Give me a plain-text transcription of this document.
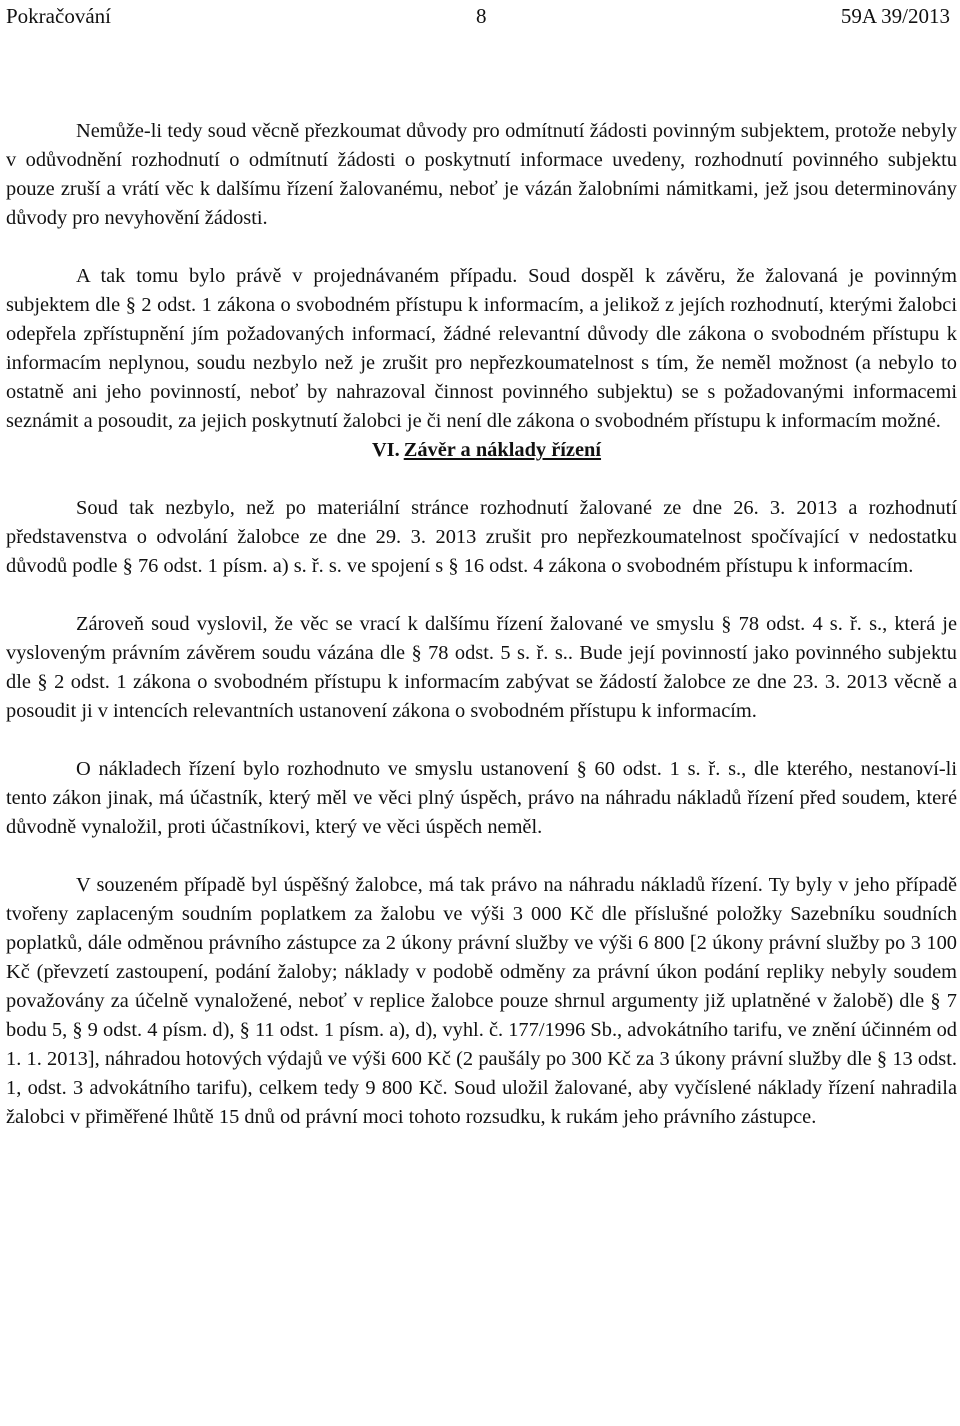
Pokračování	8	59A 39/2013

Nemůže-li tedy soud věcně přezkoumat důvody pro odmítnutí žádosti povinným subjektem, protože nebyly v odůvodnění rozhodnutí o odmítnutí žádosti o poskytnutí informace uvedeny, rozhodnutí povinného subjektu pouze zruší a vrátí věc k dalšímu řízení žalovanému, neboť je vázán žalobními námitkami, jež jsou determinovány důvody pro nevyhovění žádosti.

A tak tomu bylo právě v projednávaném případu. Soud dospěl k závěru, že žalovaná je povinným subjektem dle § 2 odst. 1 zákona o svobodném přístupu k informacím, a jelikož z jejích rozhodnutí, kterými žalobci odepřela zpřístupnění jím požadovaných informací, žádné relevantní důvody dle zákona o svobodném přístupu k informacím neplynou, soudu nezbylo než je zrušit pro nepřezkoumatelnost s tím, že neměl možnost (a nebylo to ostatně ani jeho povinností, neboť by nahrazoval činnost povinného subjektu) se s požadovanými informacemi seznámit a posoudit, za jejich poskytnutí žalobci je či není dle zákona o svobodném přístupu k informacím možné.

VI. Závěr a náklady řízení

Soud tak nezbylo, než po materiální stránce rozhodnutí žalované ze dne 26. 3. 2013 a rozhodnutí představenstva o odvolání žalobce ze dne 29. 3. 2013 zrušit pro nepřezkoumatelnost spočívající v nedostatku důvodů podle § 76 odst. 1 písm. a) s. ř. s. ve spojení s § 16 odst. 4 zákona o svobodném přístupu k informacím.

Zároveň soud vyslovil, že věc se vrací k dalšímu řízení žalované ve smyslu § 78 odst. 4 s. ř. s., která je vysloveným právním závěrem soudu vázána dle § 78 odst. 5 s. ř. s.. Bude její povinností jako povinného subjektu dle § 2 odst. 1 zákona o svobodném přístupu k informacím zabývat se žádostí žalobce ze dne 23. 3. 2013 věcně a posoudit ji v intencích relevantních ustanovení zákona o svobodném přístupu k informacím.

O nákladech řízení bylo rozhodnuto ve smyslu ustanovení § 60 odst. 1 s. ř. s., dle kterého, nestanoví-li tento zákon jinak, má účastník, který měl ve věci plný úspěch, právo na náhradu nákladů řízení před soudem, které důvodně vynaložil, proti účastníkovi, který ve věci úspěch neměl.

V souzeném případě byl úspěšný žalobce, má tak právo na náhradu nákladů řízení. Ty byly v jeho případě tvořeny zaplaceným soudním poplatkem za žalobu ve výši 3 000 Kč dle příslušné položky Sazebníku soudních poplatků, dále odměnou právního zástupce za 2 úkony právní služby ve výši 6 800 [2 úkony právní služby po 3 100 Kč (převzetí zastoupení, podání žaloby; náklady v podobě odměny za právní úkon podání repliky nebyly soudem považovány za účelně vynaložené, neboť v replice žalobce pouze shrnul argumenty již uplatněné v žalobě) dle § 7 bodu 5, § 9 odst. 4 písm. d), § 11 odst. 1 písm. a), d), vyhl. č. 177/1996 Sb., advokátního tarifu, ve znění účinném od 1. 1. 2013], náhradou hotových výdajů ve výši 600 Kč (2 paušály po 300 Kč za 3 úkony právní služby dle § 13 odst. 1, odst. 3 advokátního tarifu), celkem tedy 9 800 Kč. Soud uložil žalované, aby vyčíslené náklady řízení nahradila žalobci v přiměřené lhůtě 15 dnů od právní moci tohoto rozsudku, k rukám jeho právního zástupce.
